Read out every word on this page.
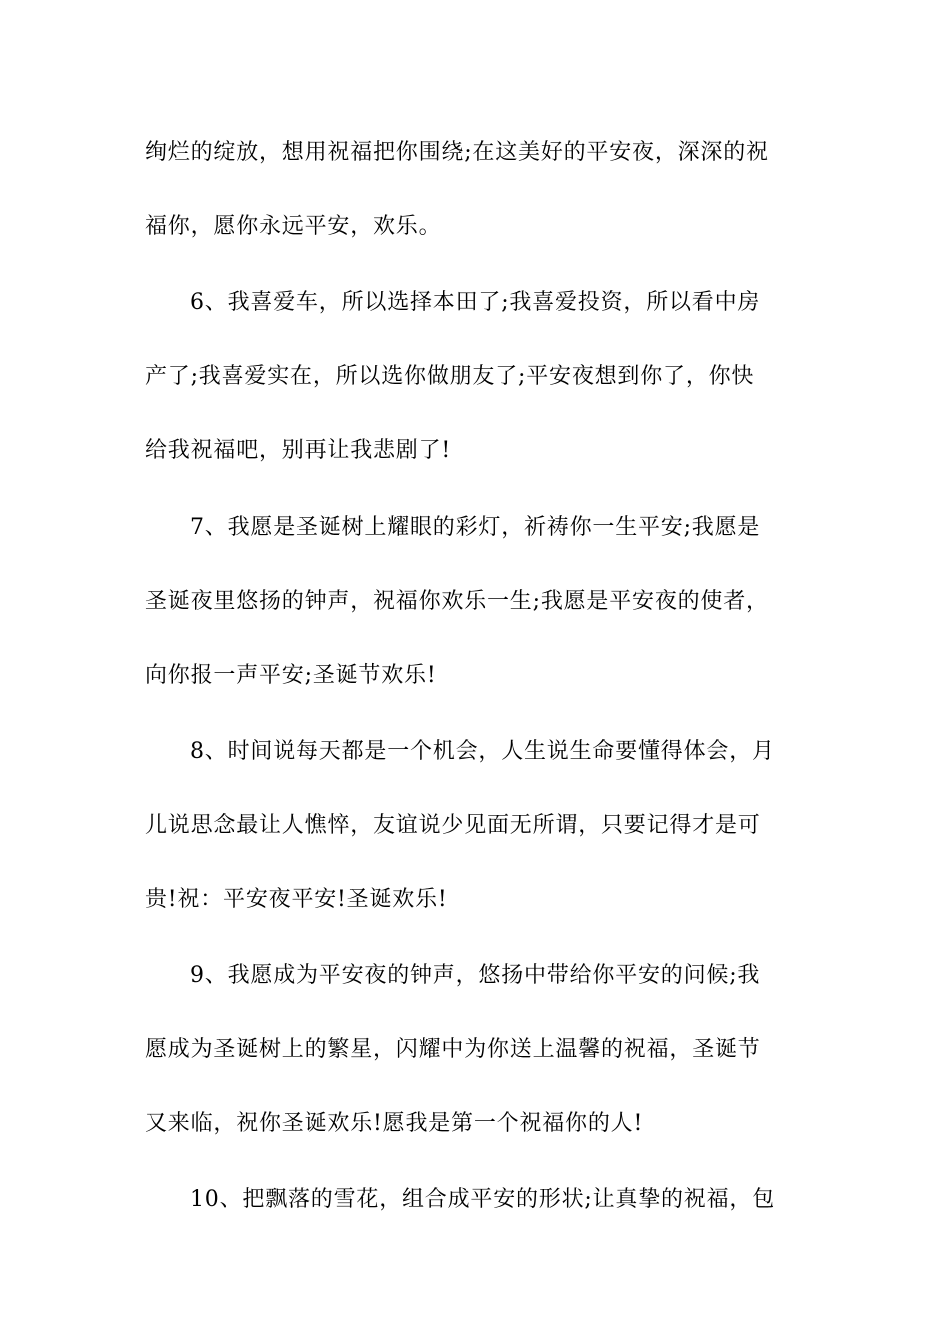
绚烂的绽放，想用祝福把你围绕;在这美好的平安夜，深深的祝
福你，愿你永远平安，欢乐。
6、我喜爱车，所以选择本田了;我喜爱投资，所以看中房
产了;我喜爱实在，所以选你做朋友了;平安夜想到你了，你快
给我祝福吧，别再让我悲剧了!
7、我愿是圣诞树上耀眼的彩灯，祈祷你一生平安;我愿是
圣诞夜里悠扬的钟声，祝福你欢乐一生;我愿是平安夜的使者，
向你报一声平安;圣诞节欢乐!
8、时间说每天都是一个机会，人生说生命要懂得体会，月
儿说思念最让人憔悴，友谊说少见面无所谓，只要记得才是可
贵!祝：平安夜平安!圣诞欢乐!
9、我愿成为平安夜的钟声，悠扬中带给你平安的问候;我
愿成为圣诞树上的繁星，闪耀中为你送上温馨的祝福，圣诞节
又来临，祝你圣诞欢乐!愿我是第一个祝福你的人!
10、把飘落的雪花，组合成平安的形状;让真挚的祝福，包
